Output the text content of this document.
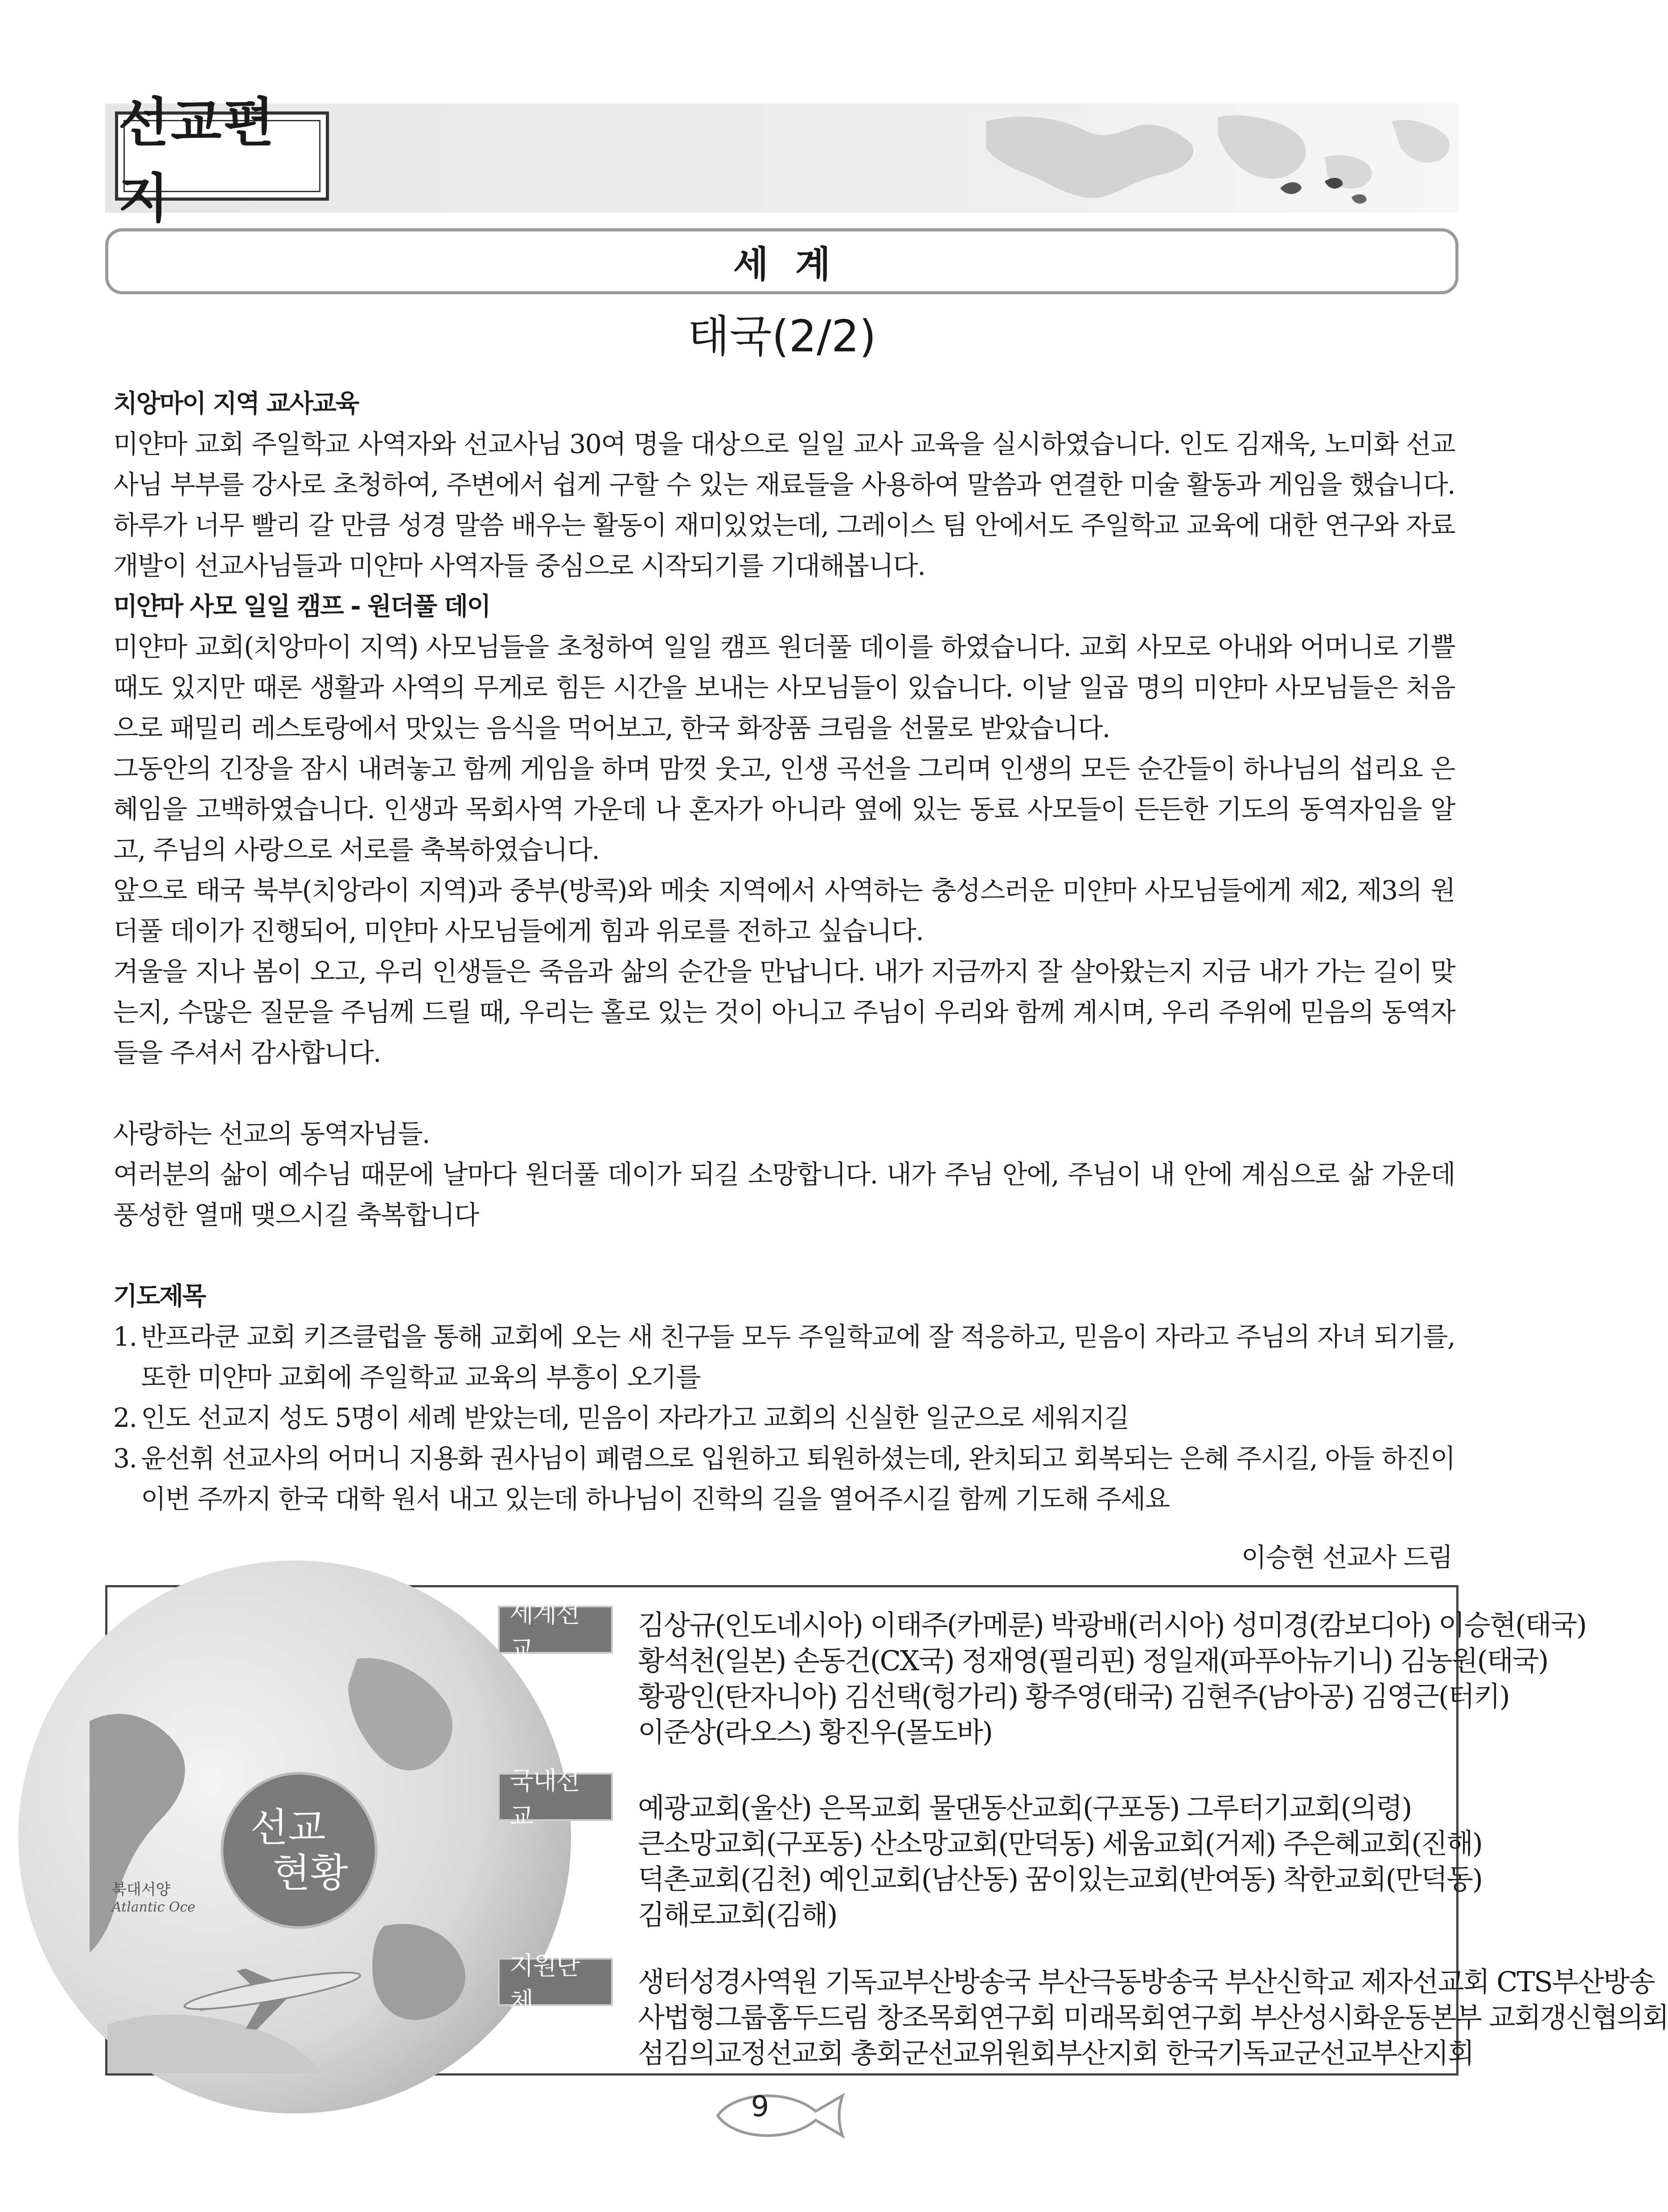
선교편지
세계
태국(2/2)

치앙마이 지역 교사교육

미얀마 교회 주일학교 사역자와 선교사님 30여 명을 대상으로 일일 교사 교육을 실시하였습니다. 인도 김재욱, 노미화 선교사님 부부를 강사로 초청하여, 주변에서 쉽게 구할 수 있는 재료들을 사용하여 말씀과 연결한 미술 활동과 게임을 했습니다. 하루가 너무 빨리 갈 만큼 성경 말씀 배우는 활동이 재미있었는데, 그레이스 팀 안에서도 주일학교 교육에 대한 연구와 자료개발이 선교사님들과 미얀마 사역자들 중심으로 시작되기를 기대해봅니다.

미얀마 사모 일일 캠프 - 원더풀 데이

미얀마 교회(치앙마이 지역) 사모님들을 초청하여 일일 캠프 원더풀 데이를 하였습니다. 교회 사모로 아내와 어머니로 기쁠 때도 있지만 때론 생활과 사역의 무게로 힘든 시간을 보내는 사모님들이 있습니다. 이날 일곱 명의 미얀마 사모님들은 처음으로 패밀리 레스토랑에서 맛있는 음식을 먹어보고, 한국 화장품 크림을 선물로 받았습니다.

그동안의 긴장을 잠시 내려놓고 함께 게임을 하며 맘껏 웃고, 인생 곡선을 그리며 인생의 모든 순간들이 하나님의 섭리요 은혜임을 고백하였습니다. 인생과 목회사역 가운데 나 혼자가 아니라 옆에 있는 동료 사모들이 든든한 기도의 동역자임을 알고, 주님의 사랑으로 서로를 축복하였습니다.

앞으로 태국 북부(치앙라이 지역)과 중부(방콕)와 메솟 지역에서 사역하는 충성스러운 미얀마 사모님들에게 제2, 제3의 원더풀 데이가 진행되어, 미얀마 사모님들에게 힘과 위로를 전하고 싶습니다.

겨울을 지나 봄이 오고, 우리 인생들은 죽음과 삶의 순간을 만납니다. 내가 지금까지 잘 살아왔는지 지금 내가 가는 길이 맞는지, 수많은 질문을 주님께 드릴 때, 우리는 홀로 있는 것이 아니고 주님이 우리와 함께 계시며, 우리 주위에 믿음의 동역자들을 주셔서 감사합니다.

사랑하는 선교의 동역자님들.

여러분의 삶이 예수님 때문에 날마다 원더풀 데이가 되길 소망합니다. 내가 주님 안에, 주님이 내 안에 계심으로 삶 가운데 풍성한 열매 맺으시길 축복합니다

기도제목

1. 반프라쿤 교회 키즈클럽을 통해 교회에 오는 새 친구들 모두 주일학교에 잘 적응하고, 믿음이 자라고 주님의 자녀 되기를, 또한 미얀마 교회에 주일학교 교육의 부흥이 오기를
2. 인도 선교지 성도 5명이 세례 받았는데, 믿음이 자라가고 교회의 신실한 일군으로 세워지길
3. 윤선휘 선교사의 어머니 지용화 권사님이 폐렴으로 입원하고 퇴원하셨는데, 완치되고 회복되는 은혜 주시길, 아들 하진이 이번 주까지 한국 대학 원서 내고 있는데 하나님이 진학의 길을 열어주시길 함께 기도해 주세요

이승현 선교사 드림

북대서양
Atlantic Oce
선교
현황
세계선교
김상규(인도네시아) 이태주(카메룬) 박광배(러시아) 성미경(캄보디아) 이승현(태국)
황석천(일본) 손동건(CX국) 정재영(필리핀) 정일재(파푸아뉴기니) 김농원(태국)
황광인(탄자니아) 김선택(헝가리) 황주영(태국) 김현주(남아공) 김영근(터키)
이준상(라오스) 황진우(몰도바)
국내선교	예광교회(울산) 은목교회 물댄동산교회(구포동) 그루터기교회(의령)
큰소망교회(구포동) 산소망교회(만덕동) 세움교회(거제) 주은혜교회(진해)
덕촌교회(김천) 예인교회(남산동) 꿈이있는교회(반여동) 착한교회(만덕동)
김해로교회(김해)
지원단체
생터성경사역원 기독교부산방송국 부산극동방송국 부산신학교 제자선교회 CTS부산방송
사법형그룹홈두드림 창조목회연구회 미래목회연구회 부산성시화운동본부 교회갱신협의회
섬김의교정선교회 총회군선교위원회부산지회 한국기독교군선교부산지회
9
